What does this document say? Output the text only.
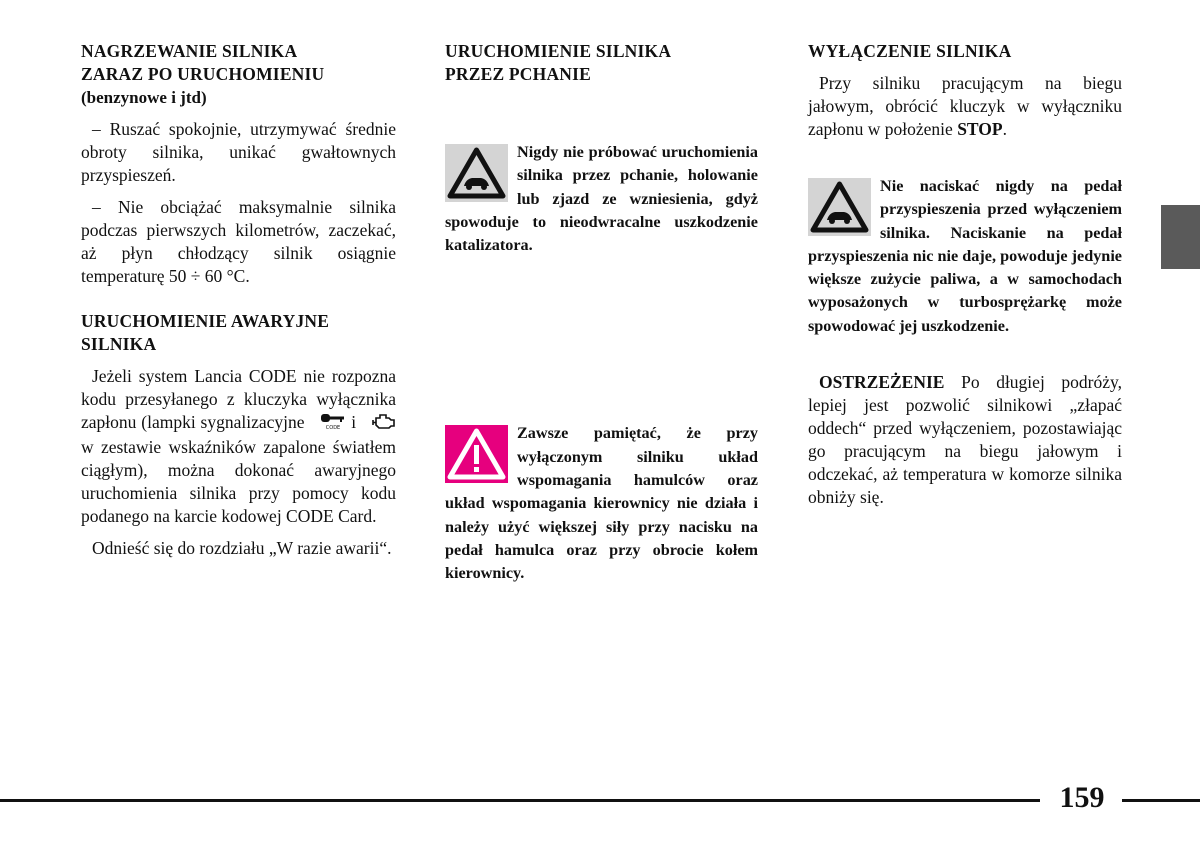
NAGRZEWANIE SILNIKA
ZARAZ PO URUCHOMIENIU
(benzynowe i jtd)

– Ruszać spokojnie, utrzymywać średnie obroty silnika, unikać gwałtownych przyspieszeń.

– Nie obciążać maksymalnie silnika podczas pierwszych kilometrów, zaczekać, aż płyn chłodzący silnik osiągnie temperaturę 50 ÷ 60 °C.

URUCHOMIENIE AWARYJNE
SILNIKA

Jeżeli system Lancia CODE nie rozpozna kodu przesyłanego z kluczyka wyłącznika zapłonu (lampki sygnalizacyjne	CODE i  w zestawie wskaźników zapalone światłem ciągłym), można dokonać awaryjnego uruchomienia silnika przy pomocy kodu podanego na karcie kodowej CODE Card.

Odnieść się do rozdziału „W razie awarii“.

URUCHOMIENIE SILNIKA
PRZEZ PCHANIE

Nigdy nie próbować uruchomienia silnika przez pchanie, holowanie lub zjazd ze wzniesienia, gdyż spowoduje to nieodwracalne uszkodzenie katalizatora.

Zawsze pamiętać, że przy wyłączonym silniku układ wspomagania hamulców oraz układ wspomagania kierownicy nie działa i należy użyć większej siły przy nacisku na pedał hamulca oraz przy obrocie kołem kierownicy.

WYŁĄCZENIE SILNIKA

Przy silniku pracującym na biegu jałowym, obrócić kluczyk w wyłączniku zapłonu w położenie STOP.

Nie naciskać nigdy na pedał przyspieszenia przed wyłączeniem silnika. Naciskanie na pedał przyspieszenia nic nie daje, powoduje jedynie większe zużycie paliwa, a w samochodach wyposażonych w turbosprężarkę może spowodować jej uszkodzenie.

OSTRZEŻENIE Po długiej podróży, lepiej jest pozwolić silnikowi „złapać oddech“ przed wyłączeniem, pozostawiając go pracującym na biegu jałowym i odczekać, aż temperatura w komorze silnika obniży się.

159
